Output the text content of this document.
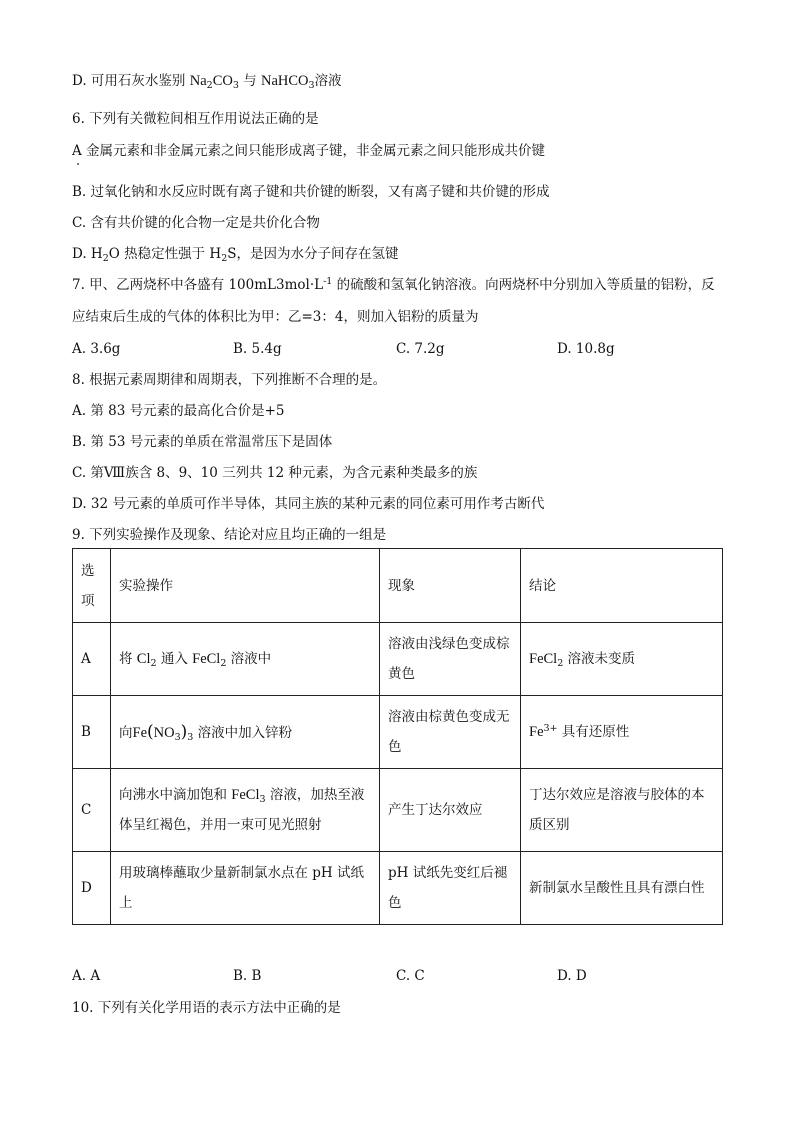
D. 可用石灰水鉴别 $Na_2CO_3$ 与 NaHCO$_3$溶液
6. 下列有关微粒间相互作用说法正确的是
A 金属元素和非金属元素之间只能形成离子键，非金属元素之间只能形成共价键
B. 过氧化钠和水反应时既有离子键和共价键的断裂，又有离子键和共价键的形成
C. 含有共价键的化合物一定是共价化合物
D. $H_2O$ 热稳定性强于 $H_2S$，是因为水分子间存在氢键
7. 甲、乙两烧杯中各盛有 $100mL3mol\cdot L^{-1}$ 的硫酸和氢氧化钠溶液。向两烧杯中分别加入等质量的铝粉，反
应结束后生成的气体的体积比为甲：乙=3：4，则加入铝粉的质量为
A. 3.6g	B. 5.4g	C. 7.2g	D. 10.8g
8. 根据元素周期律和周期表，下列推断不合理的是。
A. 第 83 号元素的最高化合价是+5
B. 第 53 号元素的单质在常温常压下是固体
C. 第Ⅷ族含 8、9、10 三列共 12 种元素，为含元素种类最多的族
D. 32 号元素的单质可作半导体，其同主族的某种元素的同位素可用作考古断代
9. 下列实验操作及现象、结论对应且均正确的一组是
选项	实验操作	现象	结论
A	将 $Cl_2$ 通入 FeCl$_2$ 溶液中	溶液由浅绿色变成棕黄色	FeCl$_2$ 溶液未变质
B	向$Fe(NO_3)_3$ 溶液中加入锌粉	溶液由棕黄色变成无色	$Fe^{3+}$ 具有还原性
C	向沸水中滴加饱和 FeCl$_3$ 溶液，加热至液体呈红褐色，并用一束可见光照射	产生丁达尔效应	丁达尔效应是溶液与胶体的本质区别
D	用玻璃棒蘸取少量新制氯水点在 pH 试纸上	pH 试纸先变红后褪色	新制氯水呈酸性且具有漂白性
A. A	B. B	C. C	D. D
10. 下列有关化学用语的表示方法中正确的是
